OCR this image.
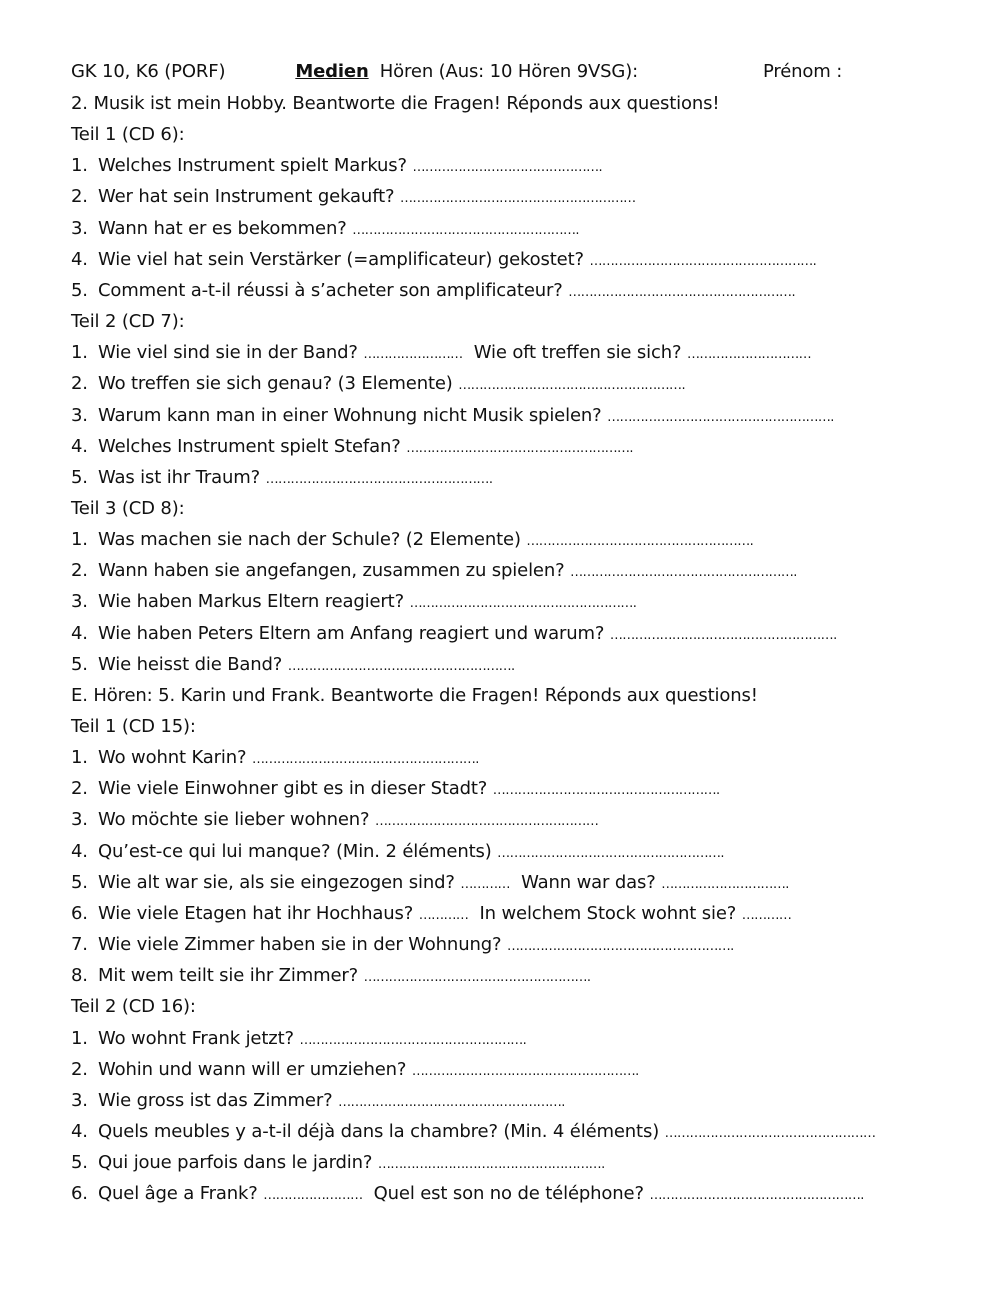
GK 10, K6 (PORF)	Medien Hören (Aus: 10 Hören 9VSG):	Prénom :
2. Musik ist mein Hobby. Beantworte die Fragen! Réponds aux questions!
Teil 1 (CD 6):
1. Welches Instrument spielt Markus? ……………………………………….
2. Wer hat sein Instrument gekauft? …………………………………………………
3. Wann hat er es bekommen? ……………………………………………….
4. Wie viel hat sein Verstärker (=amplificateur) gekostet? ……………………………………………….
5. Comment a-t-il réussi à s’acheter son amplificateur? ……………………………………………….
Teil 2 (CD 7):
1. Wie viel sind sie in der Band? …………………… Wie oft treffen sie sich? …………………………
2. Wo treffen sie sich genau? (3 Elemente) ……………………………………………….
3. Warum kann man in einer Wohnung nicht Musik spielen? ……………………………………………….
4. Welches Instrument spielt Stefan? ……………………………………………….
5. Was ist ihr Traum? ……………………………………………….
Teil 3 (CD 8):
1. Was machen sie nach der Schule? (2 Elemente) ……………………………………………….
2. Wann haben sie angefangen, zusammen zu spielen? ……………………………………………….
3. Wie haben Markus Eltern reagiert? ……………………………………………….
4. Wie haben Peters Eltern am Anfang reagiert und warum? ……………………………………………….
5. Wie heisst die Band? ……………………………………………….
E. Hören: 5. Karin und Frank. Beantworte die Fragen! Réponds aux questions!
Teil 1 (CD 15):
1. Wo wohnt Karin? ……………………………………………….
2. Wie viele Einwohner gibt es in dieser Stadt? ……………………………………………….
3. Wo möchte sie lieber wohnen? ………………………………………………
4. Qu’est-ce qui lui manque? (Min. 2 éléments) ……………………………………………….
5. Wie alt war sie, als sie eingezogen sind? ………… Wann war das? ………………………….
6. Wie viele Etagen hat ihr Hochhaus? ………… In welchem Stock wohnt sie? …………
7. Wie viele Zimmer haben sie in der Wohnung? ……………………………………………….
8. Mit wem teilt sie ihr Zimmer? ……………………………………………….
Teil 2 (CD 16):
1. Wo wohnt Frank jetzt? ……………………………………………….
2. Wohin und wann will er umziehen? ……………………………………………….
3. Wie gross ist das Zimmer? ……………………………………………….
4. Quels meubles y a-t-il déjà dans la chambre? (Min. 4 éléments) ……………………………………………
5. Qui joue parfois dans le jardin? ……………………………………………….
6. Quel âge a Frank? …………………… Quel est son no de téléphone? …………………………………………….
